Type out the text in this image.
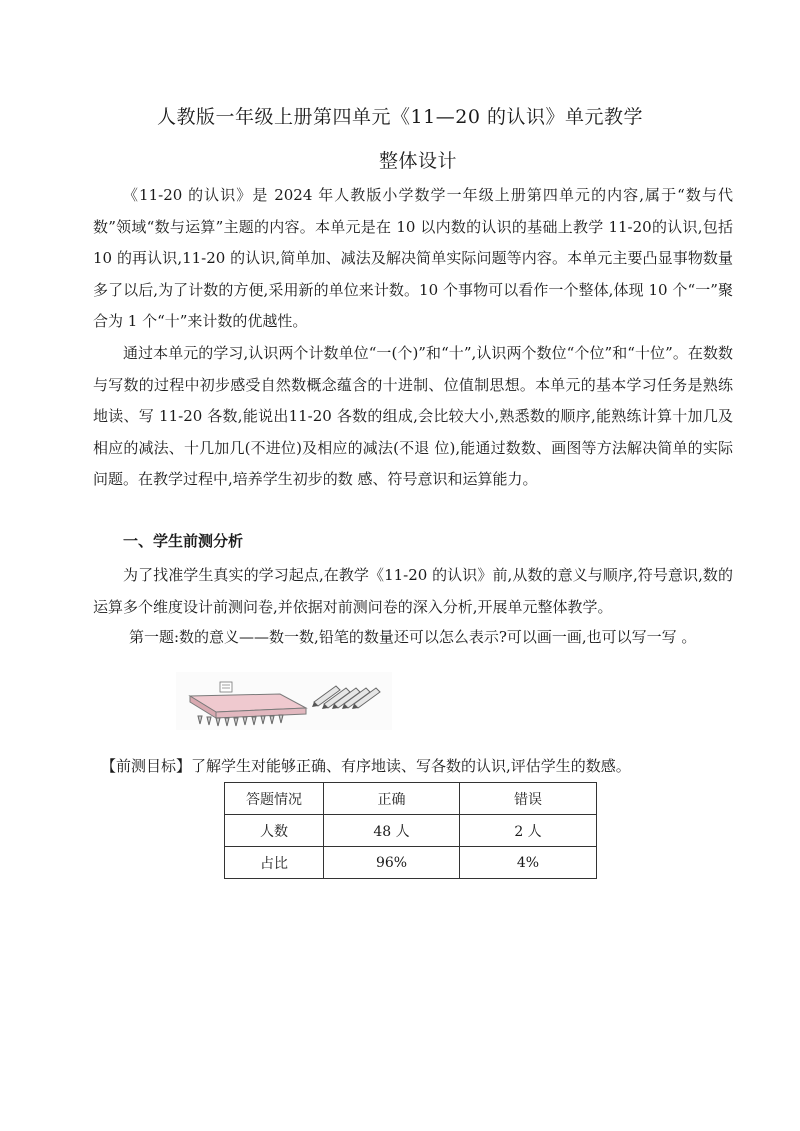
人教版一年级上册第四单元《11—20 的认识》单元教学
整体设计

《11-20 的认识》是 2024 年人教版小学数学一年级上册第四单元的内容,属于“数与代数”领域“数与运算”主题的内容。本单元是在 10 以内数的认识的基础上教学 11-20的认识,包括 10 的再认识,11-20 的认识,简单加、减法及解决简单实际问题等内容。本单元主要凸显事物数量多了以后,为了计数的方便,采用新的单位来计数。10 个事物可以看作一个整体,体现 10 个“一”聚合为 1 个“十”来计数的优越性。

通过本单元的学习,认识两个计数单位“一(个)”和“十”,认识两个数位“个位”和“十位”。在数数与写数的过程中初步感受自然数概念蕴含的十进制、位值制思想。本单元的基本学习任务是熟练地读、写 11-20 各数,能说出11-20 各数的组成,会比较大小,熟悉数的顺序,能熟练计算十加几及相应的减法、十几加几(不进位)及相应的减法(不退 位),能通过数数、画图等方法解决简单的实际问题。在教学过程中,培养学生初步的数 感、符号意识和运算能力。

一、学生前测分析

为了找准学生真实的学习起点,在教学《11-20 的认识》前,从数的意义与顺序,符号意识,数的运算多个维度设计前测问卷,并依据对前测问卷的深入分析,开展单元整体教学。

第一题:数的意义——数一数,铅笔的数量还可以怎么表示?可以画一画,也可以写一写 。

【前测目标】了解学生对能够正确、有序地读、写各数的认识,评估学生的数感。
答题情况	正确	错误
人数	48 人	2 人
占比	96%	4%
